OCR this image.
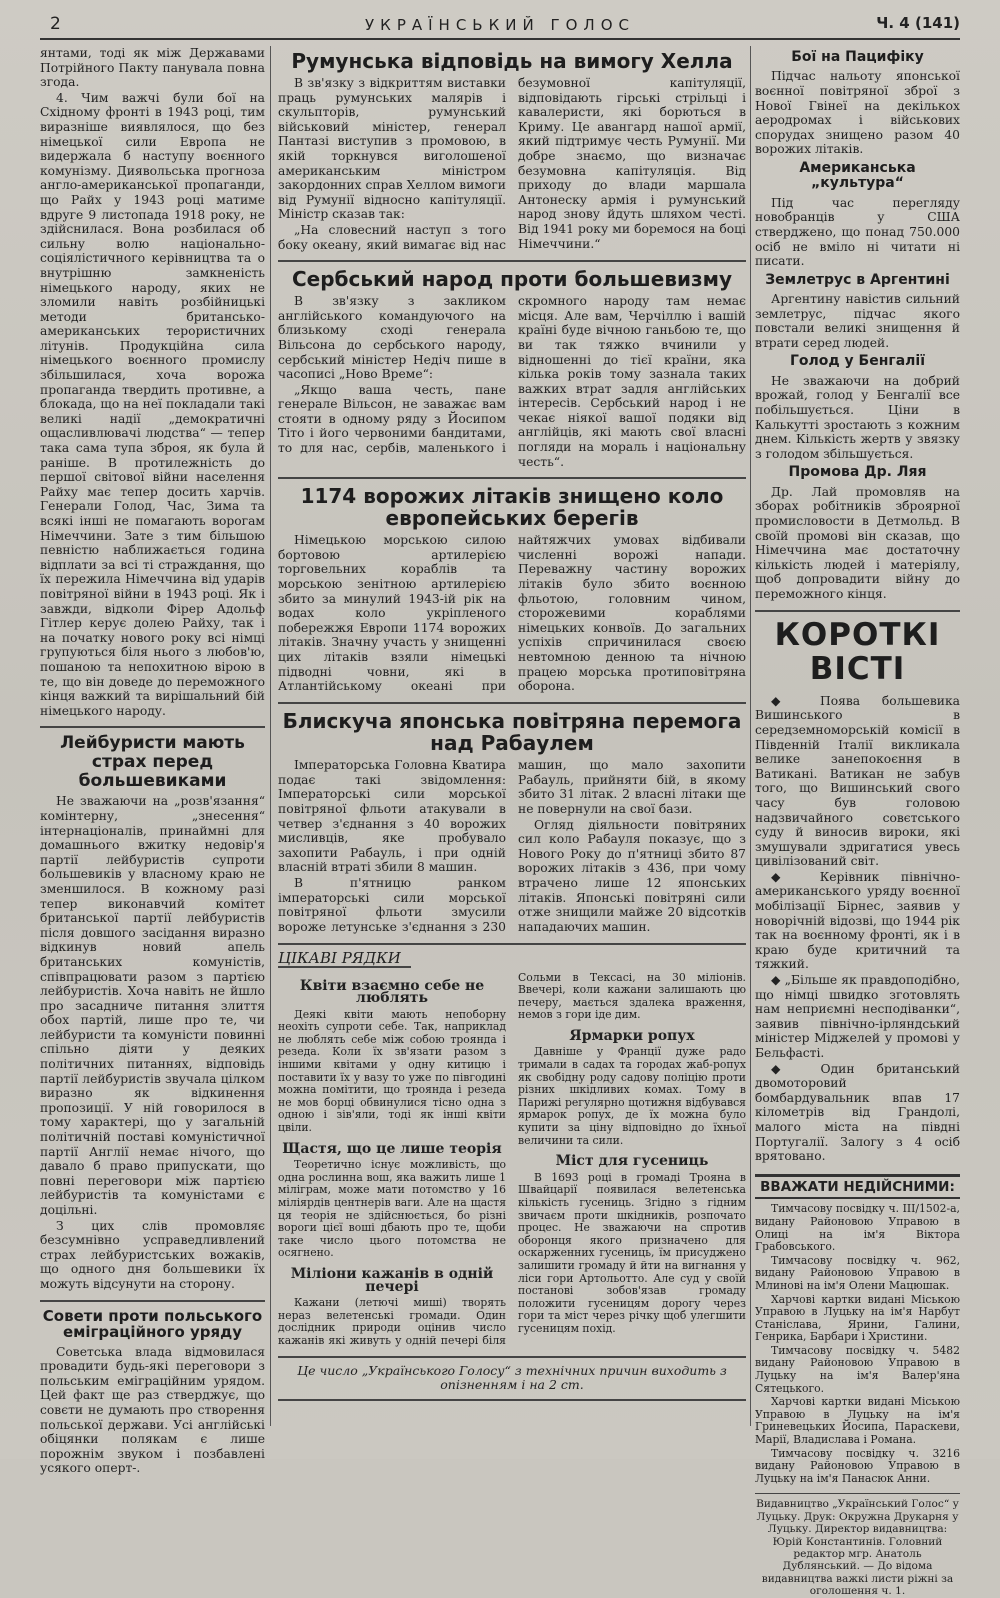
2	УКРАЇНСЬКИЙ ГОЛОС	Ч. 4 (141)

янтами, тоді як між Державами Потрійного Пакту панувала повна згода.

4. Чим важчі були бої на Східному фронті в 1943 році, тим виразніше виявлялося, що без німецької сили Европа не видержала б наступу воєнного комунізму. Диявольська прогноза англо-американської пропаганди, що Райх у 1943 році матиме вдруге 9 листопада 1918 року, не здійснилася. Вона розбилася об сильну волю національно-соціялістичного керівництва та о внутрішню замкненість німецького народу, яких не зломили навіть розбійницькі методи британсько-американських терористичних літунів. Продукційна сила німецького воєнного промислу збільшилася, хоча ворожа пропаганда твердить противне, а блокада, що на неї покладали такі великі надії „демократичні ощасливлювачі людства“ — тепер така сама тупа зброя, як була й раніше. В протилежність до першої світової війни населення Райху має тепер досить харчів. Генерали Голод, Час, Зима та всякі інші не помагають ворогам Німеччини. Зате з тим більшою певністю наближається година відплати за всі ті страждання, що їх пережила Німеччина від ударів повітряної війни в 1943 році. Як і завжди, відколи Фірер Адольф Гітлер керує долею Райху, так і на початку нового року всі німці групуються біля нього з любов'ю, пошаною та непохитною вірою в те, що він доведе до переможного кінця важкий та вирішальний бій німецького народу.

Лейбуристи мають страх перед большевиками

Не зважаючи на „розв'язання“ комінтерну, „знесення“ інтернаціоналів, принаймні для домашнього вжитку недовір'я партії лейбуристів супроти большевиків у власному краю не зменшилося. В кожному разі тепер виконавчий комітет британської партії лейбуристів після довшого засідання виразно відкинув новий апель британських комуністів, співпрацювати разом з партією лейбуристів. Хоча навіть не йшло про засадниче питання злиття обох партій, лише про те, чи лейбуристи та комуністи повинні спільно діяти у деяких політичних питаннях, відповідь партії лейбуристів звучала цілком виразно як відкинення пропозиції. У ній говорилося в тому характері, що у загальній політичній поставі комуністичної партії Англії немає нічого, що давало б право припускати, що повні переговори між партією лейбуристів та комуністами є доцільні.

З цих слів промовляє безсумнівно усправедливлений страх лейбуристських вожаків, що одного дня большевики їх можуть відсунути на сторону.

Совети проти польського еміграційного уряду

Советська влада відмовилася провадити будь-які переговори з польським еміграційним урядом. Цей факт ще раз стверджує, що совєти не думають про створення польської держави. Усі англійські обіцянки полякам є лише порожнім звуком і позбавлені усякого оперт-.

Румунська відповідь на вимогу Хелла

В зв'язку з відкриттям виставки праць румунських малярів і скульпторів, румунський військовий міністер, генерал Пантазі виступив з промовою, в якій торкнувся виголошеної американським міністром закордонних справ Хеллом вимоги від Румунії відносно капітуляції. Міністр сказав так:

„На словесний наступ з того боку океану, який вимагає від нас безумовної капітуляції, відповідають гірські стрільці і кавалеристи, які борються в Криму. Це авангард нашої армії, який підтримує честь Румунії. Ми добре знаємо, що визначає безумовна капітуляція. Від приходу до влади маршала Антонеску армія і румунський народ знову йдуть шляхом честі. Від 1941 року ми боремося на боці Німеччини.“

Сербський народ проти большевизму

В зв'язку з закликом англійського командуючого на близькому сході генерала Вільсона до сербського народу, сербський міністер Недіч пише в часописі „Ново Време“:

„Якщо ваша честь, пане генерале Вільсон, не заважає вам стояти в одному ряду з Йосипом Тіто і його червоними бандитами, то для нас, сербів, маленького і скромного народу там немає місця. Але вам, Черчіллю і вашій країні буде вічною ганьбою те, що ви так тяжко вчинили у відношенні до тієї країни, яка кілька років тому зазнала таких важких втрат задля англійських інтересів. Сербський народ і не чекає ніякої вашої подяки від англійців, які мають свої власні погляди на мораль і національну честь“.

1174 ворожих літаків знищено коло европейських берегів

Німецькою морською силою бортовою артилерією торговельних кораблів та морською зенітною артилерією збито за минулий 1943-ій рік на водах коло укріпленого побережжя Европи 1174 ворожих літаків. Значну участь у знищенні цих літаків взяли німецькі підводні човни, які в Атлантійському океані при найтяжчих умовах відбивали численні ворожі напади. Переважну частину ворожих літаків було збито воєнною фльотою, головним чином, сторожевими кораблями німецьких конвоїв. До загальних успіхів спричинилася своєю невтомною денною та нічною працею морська протиповітряна оборона.

Блискуча японська повітряна перемога над Рабаулем

Імператорська Головна Кватира подає такі звідомлення: Імператорські сили морської повітряної фльоти атакували в четвер з'єднання з 40 ворожих мисливців, яке пробувало захопити Рабауль, і при одній власній втраті збили 8 машин.

В п'ятницю ранком імператорські сили морської повітряної фльоти змусили вороже летунське з'єднання з 230 машин, що мало захопити Рабауль, прийняти бій, в якому збито 31 літак. 2 власні літаки ще не повернули на свої бази.

Огляд діяльности повітряних сил коло Рабауля показує, що з Нового Року до п'ятниці збито 87 ворожих літаків з 436, при чому втрачено лише 12 японських літаків. Японські повітряні сили отже знищили майже 20 відсотків нападаючих машин.

ЦІКАВІ РЯДКИ
Квіти взаємно себе не люблять

Деякі квіти мають непоборну неохіть супроти себе. Так, наприклад не люблять себе між собою троянда і резеда. Коли їх зв'язати разом з іншими квітами у одну китицю і поставити їх у вазу то уже по півгодині можна помітити, що троянда і резеда не мов борці обвинулися тісно одна з одною і зів'яли, тоді як інші квіти цвіли.

Щастя, що це лише теорія

Теоретично існує можливість, що одна рослинна вош, яка важить лише 1 міліграм, може мати потомство у 16 міліярдів центнерів ваги. Але на щастя ця теорія не здійснюється, бо різні вороги цієї воші дбають про те, щоби таке число цього потомства не осягнено.

Міліони кажанів в одній печері

Кажани (летючі миші) творять нераз велетенські громади. Один дослідник природи оцінив число кажанів які живуть у одній печері біля Сольми в Тексасі, на 30 міліонів. Ввечері, коли кажани залишають цю печеру, мається здалека враження, немов з гори іде дим.

Ярмарки ропух

Давніше у Франції дуже радо тримали в садах та городах жаб-ропух як свобідну роду садову поліцію проти різних шкідливих комах. Тому в Парижі регулярно щотижня відбувався ярмарок ропух, де їх можна було купити за ціну відповідно до їхньої величини та сили.

Міст для гусениць

В 1693 році в громаді Трояна в Швайцарії появилася велетенська кількість гусениць. Згідно з гідним звичаєм проти шкідників, розпочато процес. Не зважаючи на спротив оборонця якого призначено для оскарженних гусениць, їм присуджено залишити громаду й йти на вигнання у ліси гори Артольотто. Але суд у своїй постанові зобов'язав громаду положити гусеницям дорогу через гори та міст через річку щоб улегшити гусеницям похід.

Це число „Українського Голосу“ з технічних причин виходить з опізненням і на 2 ст.
Бої на Пацифіку

Підчас нальоту японської воєнної повітряної зброї з Нової Гвінеї на декількох аеродромах і військових спорудах знищено разом 40 ворожих літаків.

Американська „культура“

Під час перегляду новобранців у США стверджено, що понад 750.000 осіб не вміло ні читати ні писати.

Землетрус в Аргентині

Аргентину навістив сильний землетрус, підчас якого повстали великі знищення й втрати серед людей.

Голод у Бенгалії

Не зважаючи на добрий врожай, голод у Бенгалії все побільшується. Ціни в Калькутті зростають з кожним днем. Кількість жертв у звязку з голодом збільшується.

Промова Др. Ляя

Др. Лай промовляв на зборах робітників зброярної промисловости в Детмольд. В своїй промові він сказав, що Німеччина має достаточну кількість людей і матеріялу, щоб допровадити війну до переможного кінця.

КОРОТКІ ВІСТІ

◆ Поява большевика Вишинського в середземноморській комісії в Південній Італії викликала велике занепокоєння в Ватикані. Ватикан не забув того, що Вишинський свого часу був головою надзвичайного совєтського суду й виносив вироки, які змушували здригатися увесь цивілізований світ.

◆ Керівник північно-американського уряду воєнної мобілізації Бірнес, заявив у новорічній відозві, що 1944 рік так на воєнному фронті, як і в краю буде критичний та тяжкий.

◆ „Більше як правдоподібно, що німці швидко зготовлять нам неприємні несподіванки“, заявив північно-ірляндський міністер Міджелей у промові у Бельфасті.

◆ Один британський двомоторовий бомбардувальник впав 17 кілометрів від Грандолі, малого міста на півдні Португалії. Залогу з 4 осіб врятовано.

ВВАЖАТИ НЕДІЙСНИМИ:

Тимчасову посвідку ч. III/1502-а, видану Районовою Управою в Олиці на ім'я Віктора Грабовського.

Тимчасову посвідку ч. 962, видану Районовою Управою в Млинові на ім'я Олени Мацюшак.

Харчові картки видані Міською Управою в Луцьку на ім'я Нарбут Станіслава, Ярини, Галини, Генрика, Барбари і Христини.

Тимчасову посвідку ч. 5482 видану Районовою Управою в Луцьку на ім'я Валер'яна Сятецького.

Харчові картки видані Міською Управою в Луцьку на ім'я Гриневецьких Йосипа, Параскеви, Марії, Владислава і Романа.

Тимчасову посвідку ч. 3216 видану Районовою Управою в Луцьку на ім'я Панасюк Анни.

Видавництво „Український Голос“ у Луцьку. Друк: Окружна Друкарня у Луцьку. Директор видавництва: Юрій Константинів. Головний редактор мгр. Анатоль Дублянський. — До відома видавництва важкі листи ріжні за оголошення ч. 1.
